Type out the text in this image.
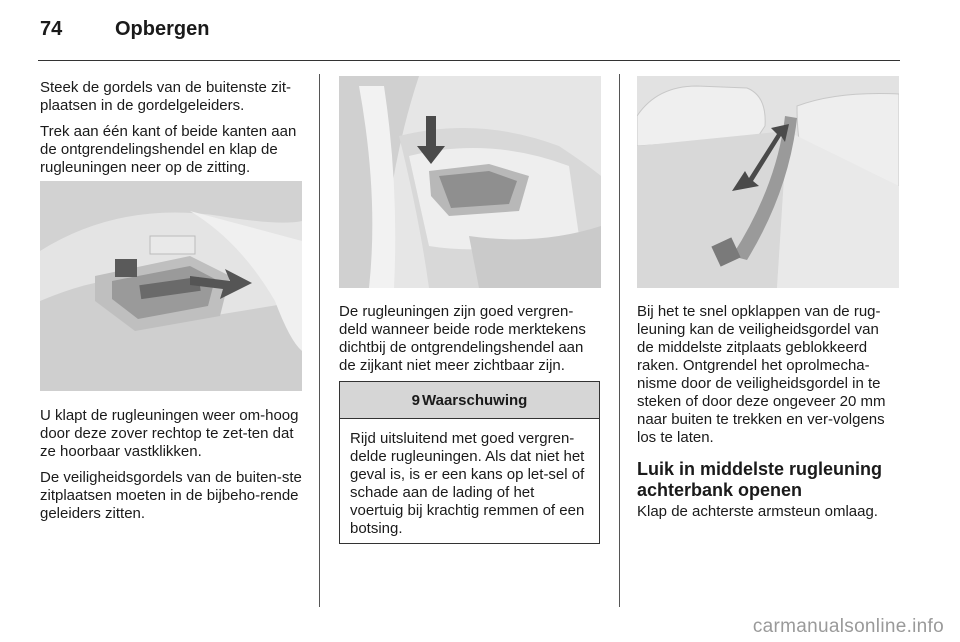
74	Opbergen

Steek de gordels van de buitenste zit-plaatsen in de gordelgeleiders.

Trek aan één kant of beide kanten aan de ontgrendelingshendel en klap de rugleuningen neer op de zitting.

U klapt de rugleuningen weer om-hoog door deze zover rechtop te zet-ten dat ze hoorbaar vastklikken.

De veiligheidsgordels van de buiten-ste zitplaatsen moeten in de bijbeho-rende geleiders zitten.

De rugleuningen zijn goed vergren-deld wanneer beide rode merktekens dichtbij de ontgrendelingshendel aan de zijkant niet meer zichtbaar zijn.

9 Waarschuwing
Rijd uitsluitend met goed vergren-delde rugleuningen. Als dat niet het geval is, is er een kans op let-sel of schade aan de lading of het voertuig bij krachtig remmen of een botsing.

Bij het te snel opklappen van de rug-leuning kan de veiligheidsgordel van de middelste zitplaats geblokkeerd raken. Ontgrendel het oprolmecha-nisme door de veiligheidsgordel in te steken of door deze ongeveer 20 mm naar buiten te trekken en ver-volgens los te laten.

Luik in middelste rugleuning achterbank openen

Klap de achterste armsteun omlaag.

carmanualsonline.info
